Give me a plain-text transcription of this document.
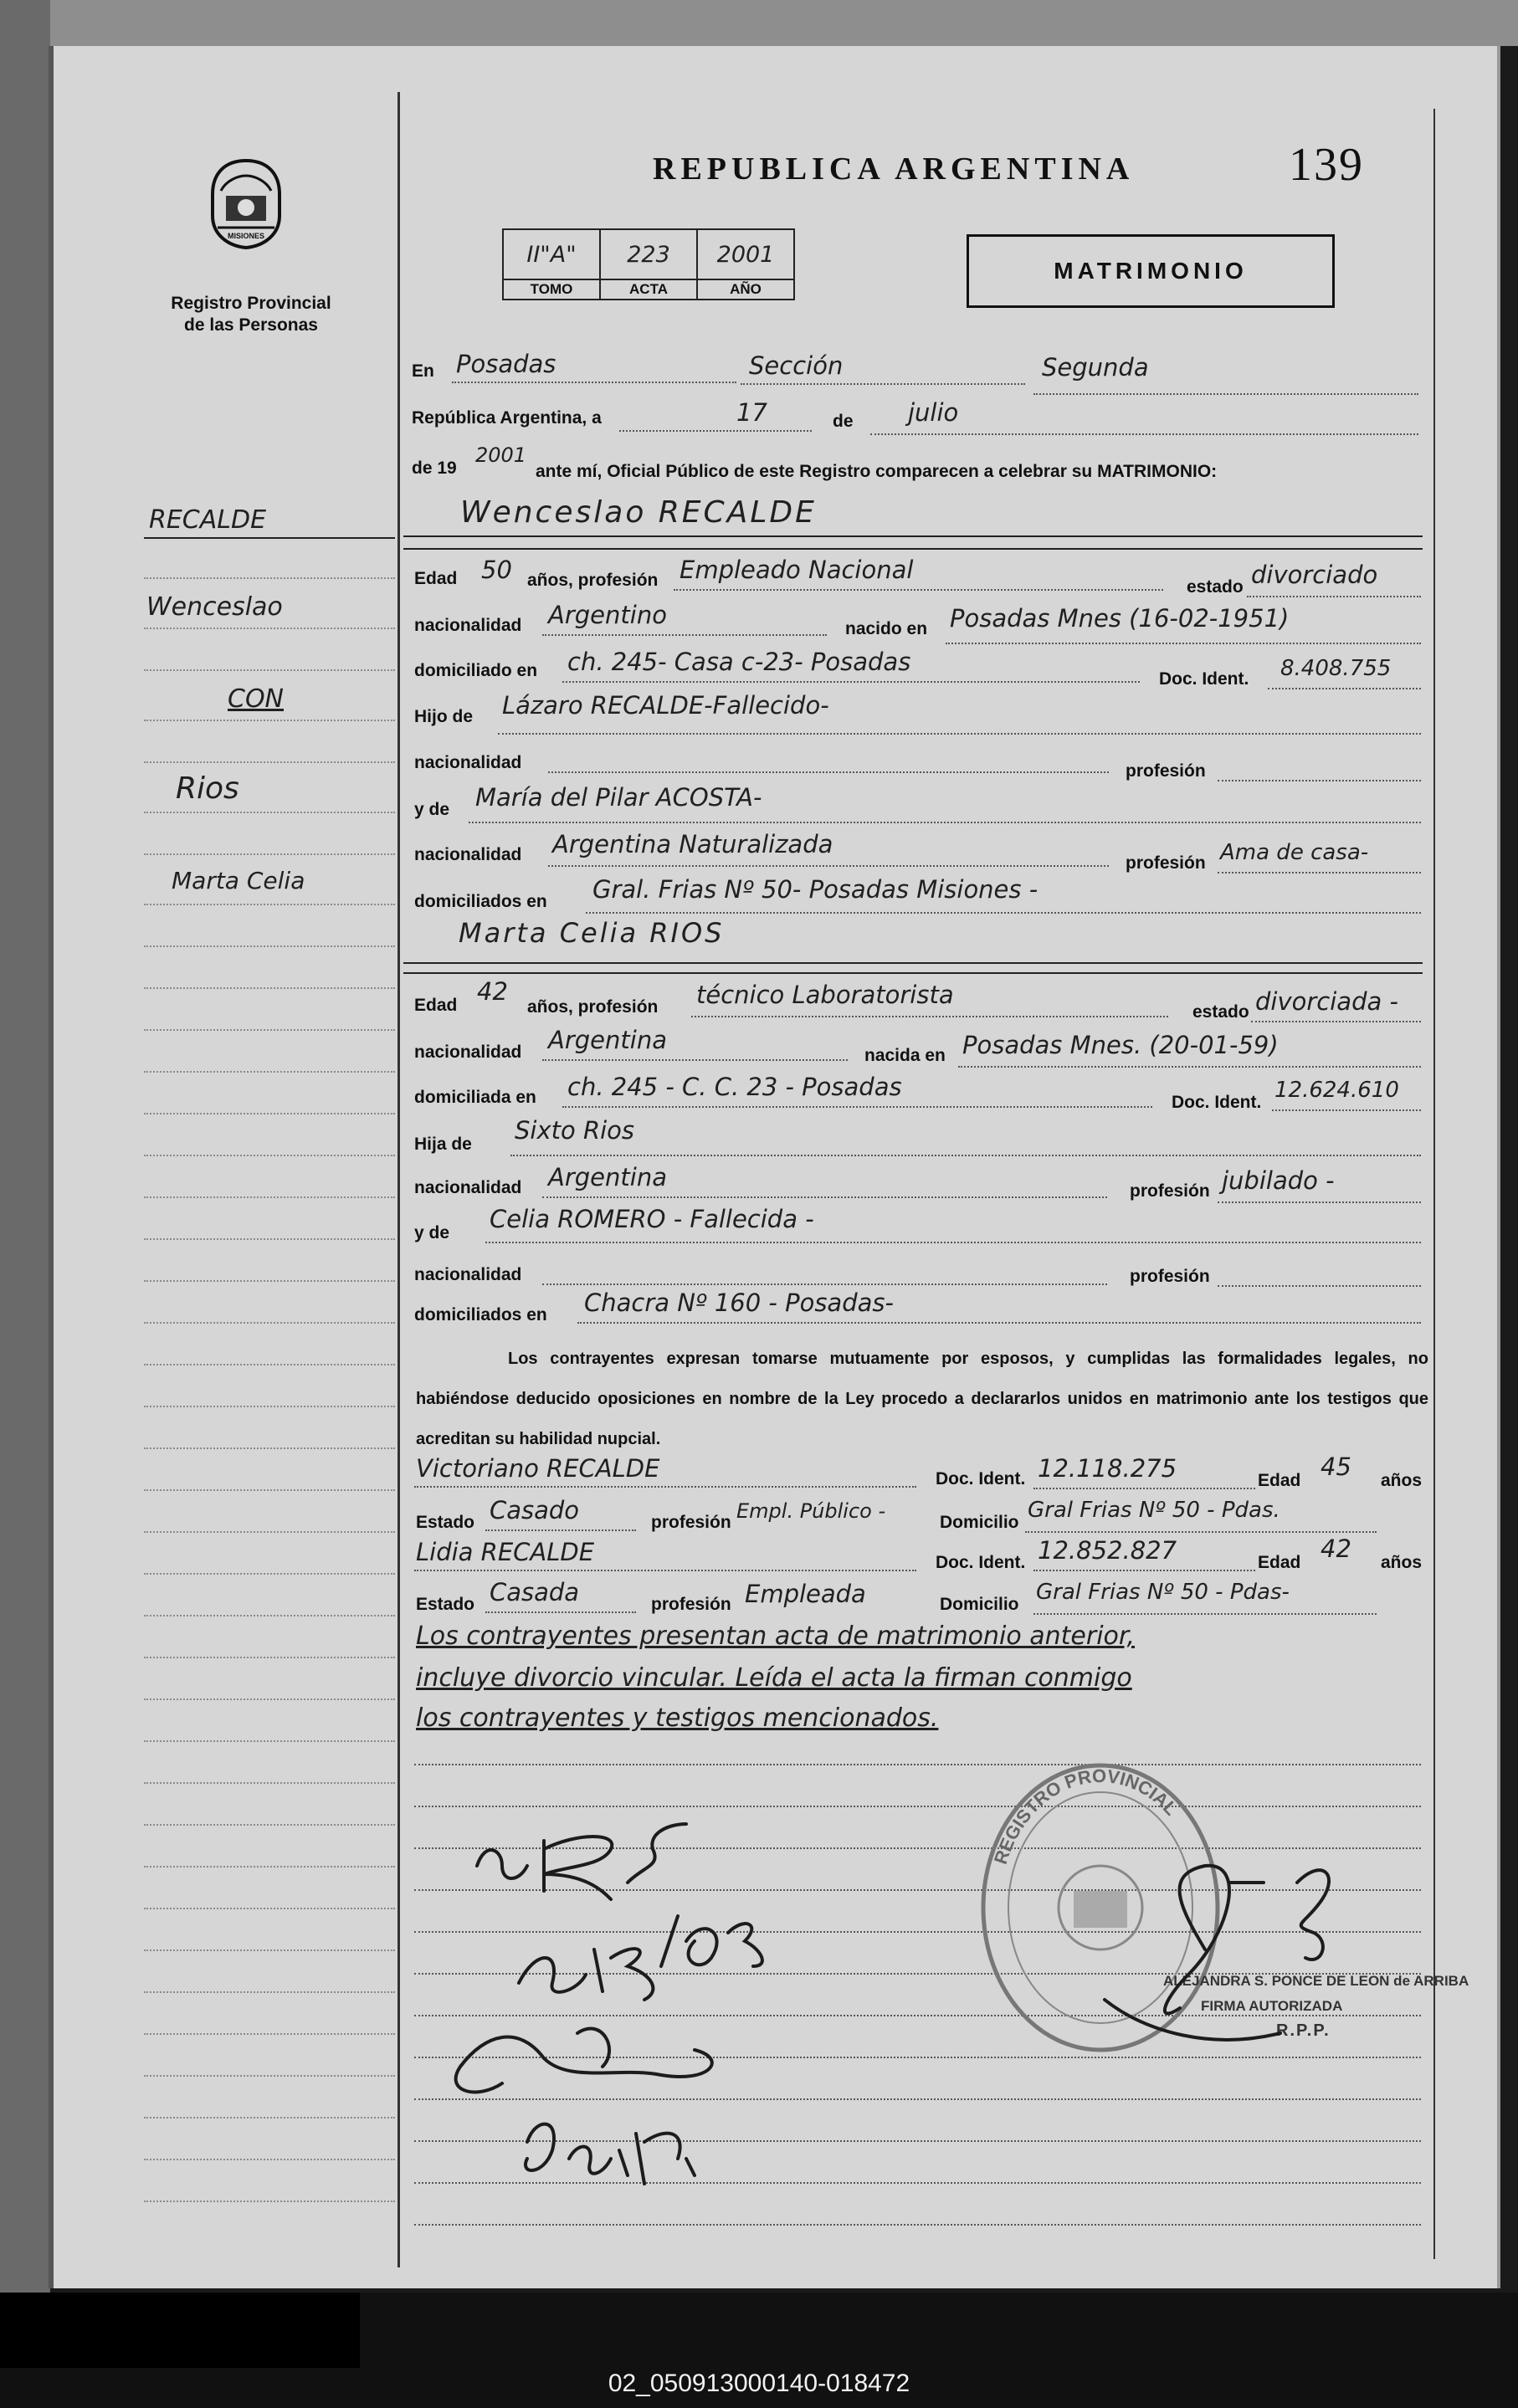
MISIONES
Registro Provincial de las Personas
REPUBLICA ARGENTINA	139
II"A"	223	2001
TOMO	ACTA	AÑO
MATRIMONIO
En Posadas	Sección	Segunda
República Argentina, a	17	de julio
de 19
2001
ante mí, Oficial Público de este Registro comparecen a celebrar su MATRIMONIO:
Wenceslao RECALDE
Edad 50 años, profesión Empleado Nacional
estado divorciado
nacionalidad Argentino	nacido en Posadas Mnes (16-02-1951)
domiciliado en ch. 245- Casa c-23- Posadas
Doc. Ident. 8.408.755
Hijo de Lázaro RECALDE-Fallecido-
nacionalidad	profesión
y de María del Pilar ACOSTA-
nacionalidad Argentina Naturalizada
profesión Ama de casa-
domiciliados en Gral. Frias Nº 50- Posadas Misiones -
Marta Celia RIOS
Edad 42
años, profesión técnico Laboratorista
estado divorciada -
nacionalidad Argentina
nacida en Posadas Mnes. (20-01-59)
domiciliada en ch. 245 - C. C. 23 - Posadas
Doc. Ident. 12.624.610
Hija de Sixto Rios
nacionalidad Argentina	profesión jubilado -
y de Celia ROMERO - Fallecida -
nacionalidad	profesión
domiciliados en Chacra Nº 160 - Posadas-
Los contrayentes expresan tomarse mutuamente por esposos, y cumplidas las formalidades legales, no habiéndose deducido oposiciones en nombre de la Ley procedo a declararlos unidos en matrimonio ante los testigos que acreditan su habilidad nupcial.
Victoriano RECALDE	Doc. Ident. 12.118.275	Edad 45 años
Estado Casado	profesión Empl. Público -	Domicilio Gral Frias Nº 50 - Pdas.
Lidia RECALDE	Doc. Ident. 12.852.827	Edad 42 años
Estado Casada	profesión Empleada	Domicilio Gral Frias Nº 50 - Pdas-
Los contrayentes presentan acta de matrimonio anterior,
incluye divorcio vincular. Leída el acta la firman conmigo
los contrayentes y testigos mencionados.
REGISTRO PROVINCIAL
ALEJANDRA S. PONCE DE LEON de ARRIBA
FIRMA AUTORIZADA
R.P.P.
RECALDE
Wenceslao
CON
Rios
Marta Celia
02_050913000140-018472
